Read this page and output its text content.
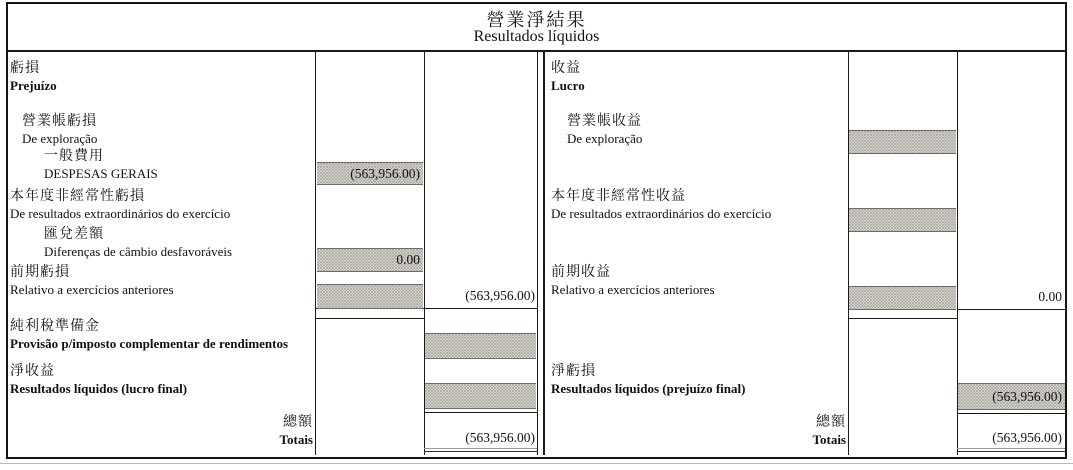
營業淨結果
Resultados líquidos
虧損
Prejuízo
營業帳虧損
De exploração
一般費用
DESPESAS GERAIS
本年度非經常性虧損
De resultados extraordinários do exercício
匯兌差額
Diferenças de câmbio desfavoráveis
前期虧損
Relativo a exercícios anteriores
純利稅準備金
Provisão p/imposto complementar de rendimentos
淨收益
Resultados líquidos (lucro final)
總額
Totais
(563,956.00)
0.00
(563,956.00)
(563,956.00)
收益
Lucro
營業帳收益
De exploração
本年度非經常性收益
De resultados extraordinários do exercício
前期收益
Relativo a exercícios anteriores
淨虧損
Resultados líquidos (prejuízo final)
總額
Totais
0.00
(563,956.00)
(563,956.00)
